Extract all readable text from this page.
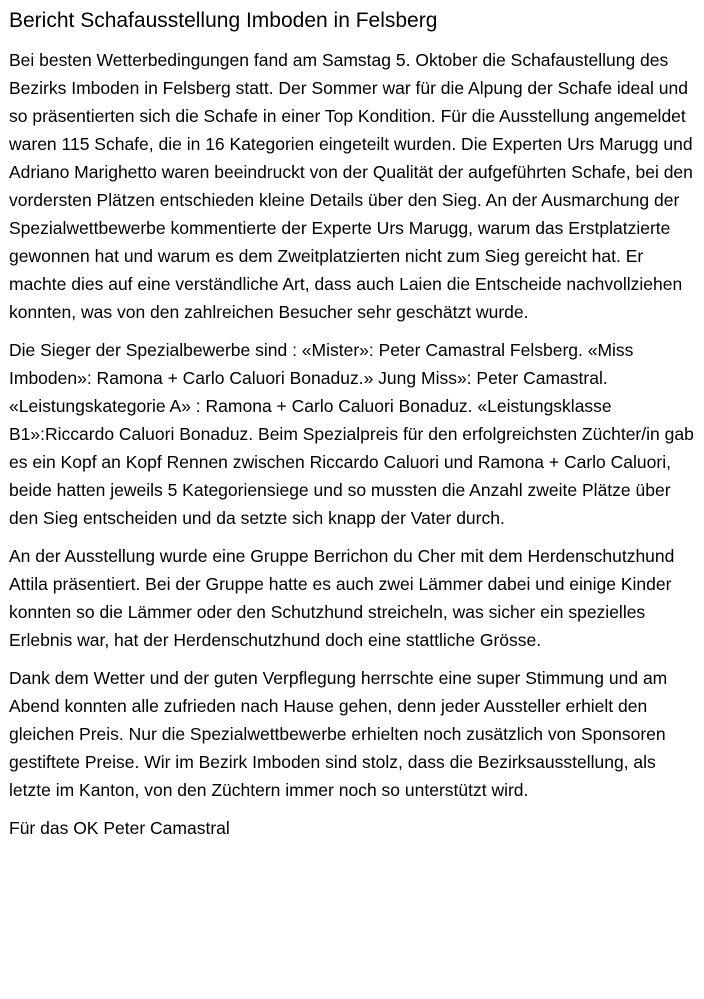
Bericht Schafausstellung Imboden in Felsberg

Bei besten Wetterbedingungen fand am Samstag 5. Oktober die Schafaustellung des Bezirks Imboden in Felsberg statt. Der Sommer war für die Alpung der Schafe ideal und so präsentierten sich die Schafe in einer Top Kondition. Für die Ausstellung angemeldet waren 115 Schafe, die in 16 Kategorien eingeteilt wurden. Die Experten Urs Marugg und Adriano Marighetto waren beeindruckt von der Qualität der aufgeführten Schafe, bei den vordersten Plätzen entschieden kleine Details über den Sieg. An der Ausmarchung der Spezialwettbewerbe kommentierte der Experte Urs Marugg, warum das Erstplatzierte gewonnen hat und warum es dem Zweitplatzierten nicht zum Sieg gereicht hat. Er machte dies auf eine verständliche Art, dass auch Laien die Entscheide nachvollziehen konnten, was von den zahlreichen Besucher sehr geschätzt wurde.

Die Sieger der Spezialbewerbe sind : «Mister»: Peter Camastral Felsberg. «Miss Imboden»: Ramona + Carlo Caluori Bonaduz.» Jung Miss»: Peter Camastral. «Leistungskategorie A» : Ramona + Carlo Caluori Bonaduz. «Leistungsklasse B1»:Riccardo Caluori Bonaduz. Beim Spezialpreis für den erfolgreichsten Züchter/in gab es ein Kopf an Kopf Rennen zwischen Riccardo Caluori und Ramona + Carlo Caluori, beide hatten jeweils 5 Kategoriensiege und so mussten die Anzahl zweite Plätze über den Sieg entscheiden und da setzte sich knapp der Vater durch.

An der Ausstellung wurde eine Gruppe Berrichon du Cher mit dem Herdenschutzhund Attila präsentiert. Bei der Gruppe hatte es auch zwei Lämmer dabei und einige Kinder konnten so die Lämmer oder den Schutzhund streicheln, was sicher ein spezielles Erlebnis war, hat der Herdenschutzhund doch eine stattliche Grösse.

Dank dem Wetter und der guten Verpflegung herrschte eine super Stimmung und am Abend konnten alle zufrieden nach Hause gehen, denn jeder Aussteller erhielt den gleichen Preis. Nur die Spezialwettbewerbe erhielten noch zusätzlich von Sponsoren gestiftete Preise. Wir im Bezirk Imboden sind stolz, dass die Bezirksausstellung, als letzte im Kanton, von den Züchtern immer noch so unterstützt wird.

Für das OK Peter Camastral
